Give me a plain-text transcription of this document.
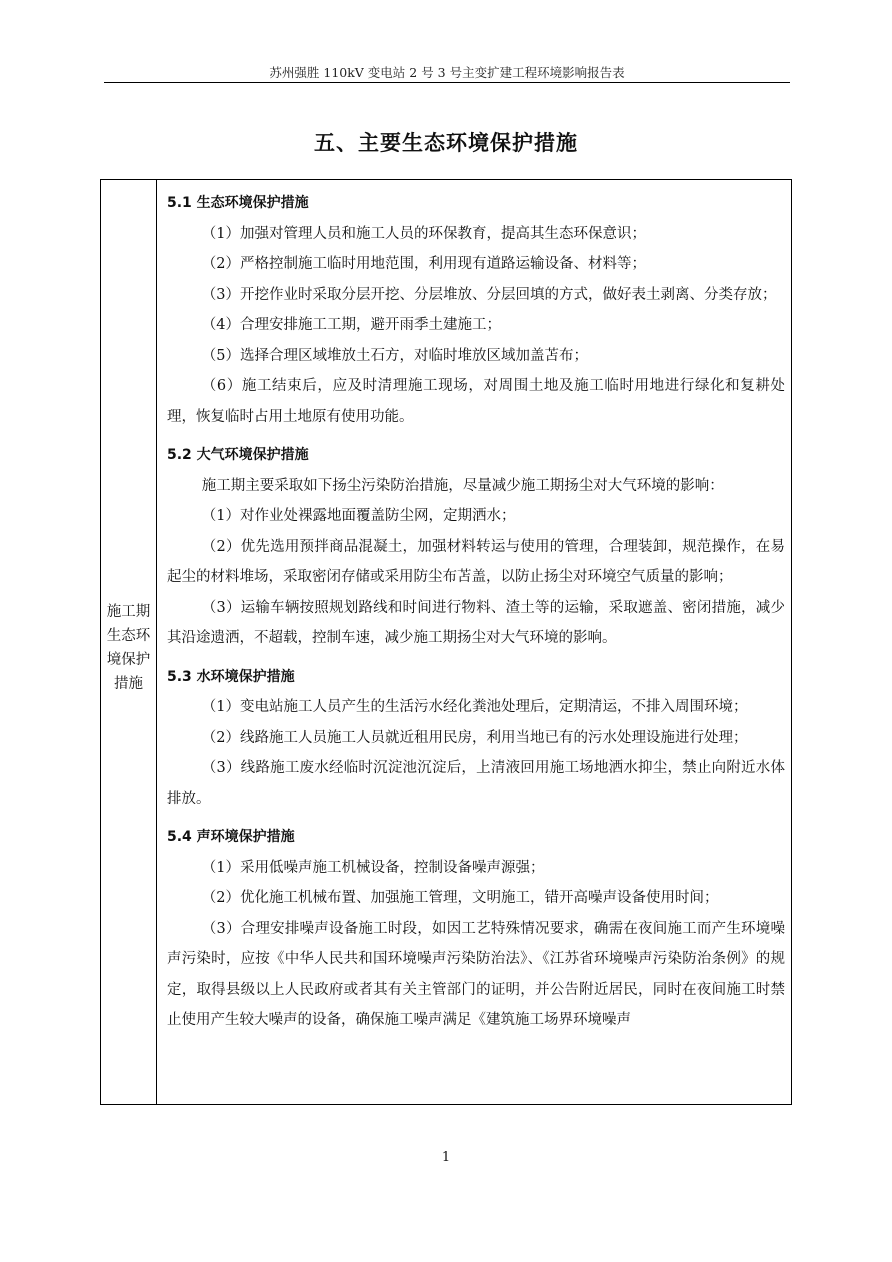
苏州强胜 110kV 变电站 2 号 3 号主变扩建工程环境影响报告表
五、主要生态环境保护措施
施工期
生态环
境保护
措施
5.1 生态环境保护措施

（1）加强对管理人员和施工人员的环保教育，提高其生态环保意识；

（2）严格控制施工临时用地范围，利用现有道路运输设备、材料等；

（3）开挖作业时采取分层开挖、分层堆放、分层回填的方式，做好表土剥离、分类存放；

（4）合理安排施工工期，避开雨季土建施工；

（5）选择合理区域堆放土石方，对临时堆放区域加盖苫布；

（6）施工结束后，应及时清理施工现场，对周围土地及施工临时用地进行绿化和复耕处理，恢复临时占用土地原有使用功能。

5.2 大气环境保护措施

施工期主要采取如下扬尘污染防治措施，尽量减少施工期扬尘对大气环境的影响：

（1）对作业处裸露地面覆盖防尘网，定期洒水；

（2）优先选用预拌商品混凝土，加强材料转运与使用的管理，合理装卸，规范操作，在易起尘的材料堆场，采取密闭存储或采用防尘布苫盖，以防止扬尘对环境空气质量的影响；

（3）运输车辆按照规划路线和时间进行物料、渣土等的运输，采取遮盖、密闭措施，减少其沿途遗洒，不超载，控制车速，减少施工期扬尘对大气环境的影响。

5.3 水环境保护措施

（1）变电站施工人员产生的生活污水经化粪池处理后，定期清运，不排入周围环境；

（2）线路施工人员施工人员就近租用民房，利用当地已有的污水处理设施进行处理；

（3）线路施工废水经临时沉淀池沉淀后，上清液回用施工场地洒水抑尘，禁止向附近水体排放。

5.4 声环境保护措施

（1）采用低噪声施工机械设备，控制设备噪声源强；

（2）优化施工机械布置、加强施工管理，文明施工，错开高噪声设备使用时间；

（3）合理安排噪声设备施工时段，如因工艺特殊情况要求，确需在夜间施工而产生环境噪声污染时，应按《中华人民共和国环境噪声污染防治法》、《江苏省环境噪声污染防治条例》的规定，取得县级以上人民政府或者其有关主管部门的证明，并公告附近居民，同时在夜间施工时禁止使用产生较大噪声的设备，确保施工噪声满足《建筑施工场界环境噪声

1
